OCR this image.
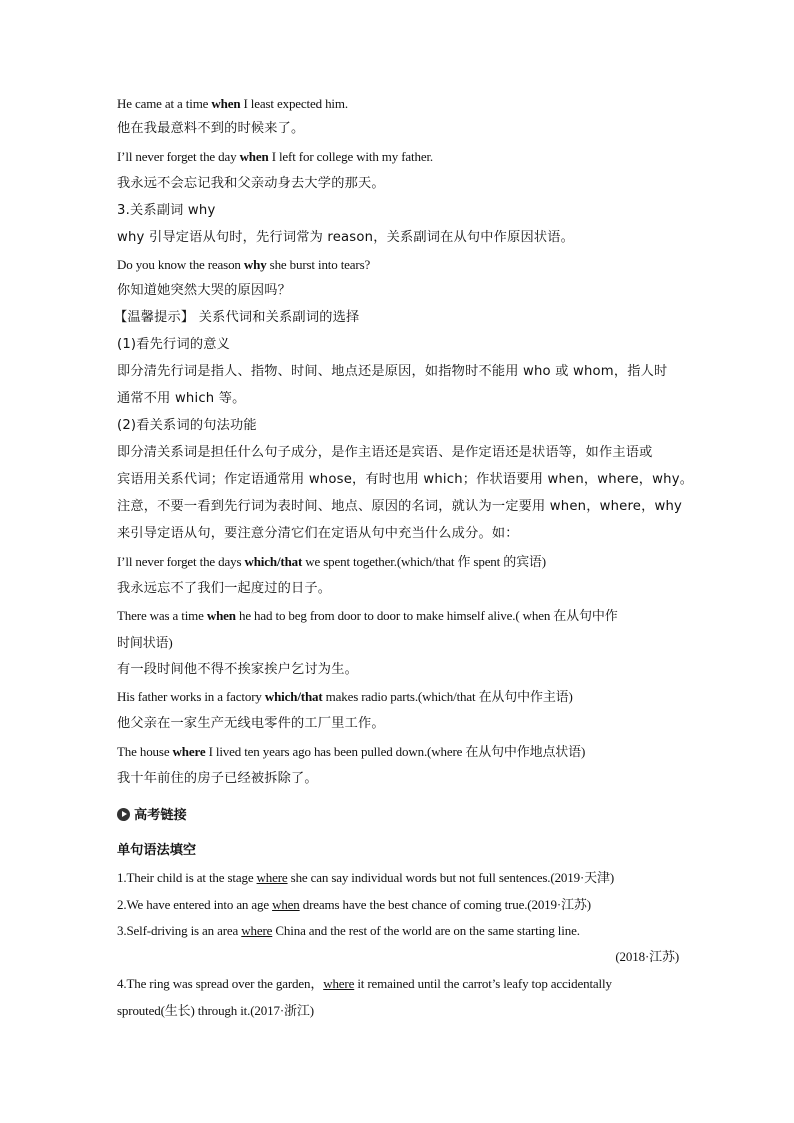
He came at a time when I least expected him.
他在我最意料不到的时候来了。
I’ll never forget the day when I left for college with my father.
我永远不会忘记我和父亲动身去大学的那天。
3.关系副词 why
why 引导定语从句时，先行词常为 reason，关系副词在从句中作原因状语。
Do you know the reason why she burst into tears?
你知道她突然大哭的原因吗？
【温馨提示】 关系代词和关系副词的选择
(1)看先行词的意义
即分清先行词是指人、指物、时间、地点还是原因，如指物时不能用 who 或 whom，指人时
通常不用 which 等。
(2)看关系词的句法功能
即分清关系词是担任什么句子成分，是作主语还是宾语、是作定语还是状语等，如作主语或
宾语用关系代词；作定语通常用 whose，有时也用 which；作状语要用 when，where，why。
注意，不要一看到先行词为表时间、地点、原因的名词，就认为一定要用 when，where，why
来引导定语从句，要注意分清它们在定语从句中充当什么成分。如：
I’ll never forget the days which/that we spent together.(which/that 作 spent 的宾语)
我永远忘不了我们一起度过的日子。
There was a time when he had to beg from door to door to make himself alive.( when 在从句中作
时间状语)
有一段时间他不得不挨家挨户乞讨为生。
His father works in a factory which/that makes radio parts.(which/that 在从句中作主语)
他父亲在一家生产无线电零件的工厂里工作。
The house where I lived ten years ago has been pulled down.(where 在从句中作地点状语)
我十年前住的房子已经被拆除了。
高考链接
单句语法填空
1.Their child is at the stage where she can say individual words but not full sentences.(2019·天津)
2.We have entered into an age when dreams have the best chance of coming true.(2019·江苏)
3.Self-driving is an area where China and the rest of the world are on the same starting line.
(2018·江苏)
4.The ring was spread over the garden，where it remained until the carrot’s leafy top accidentally
sprouted(生长) through it.(2017·浙江)
